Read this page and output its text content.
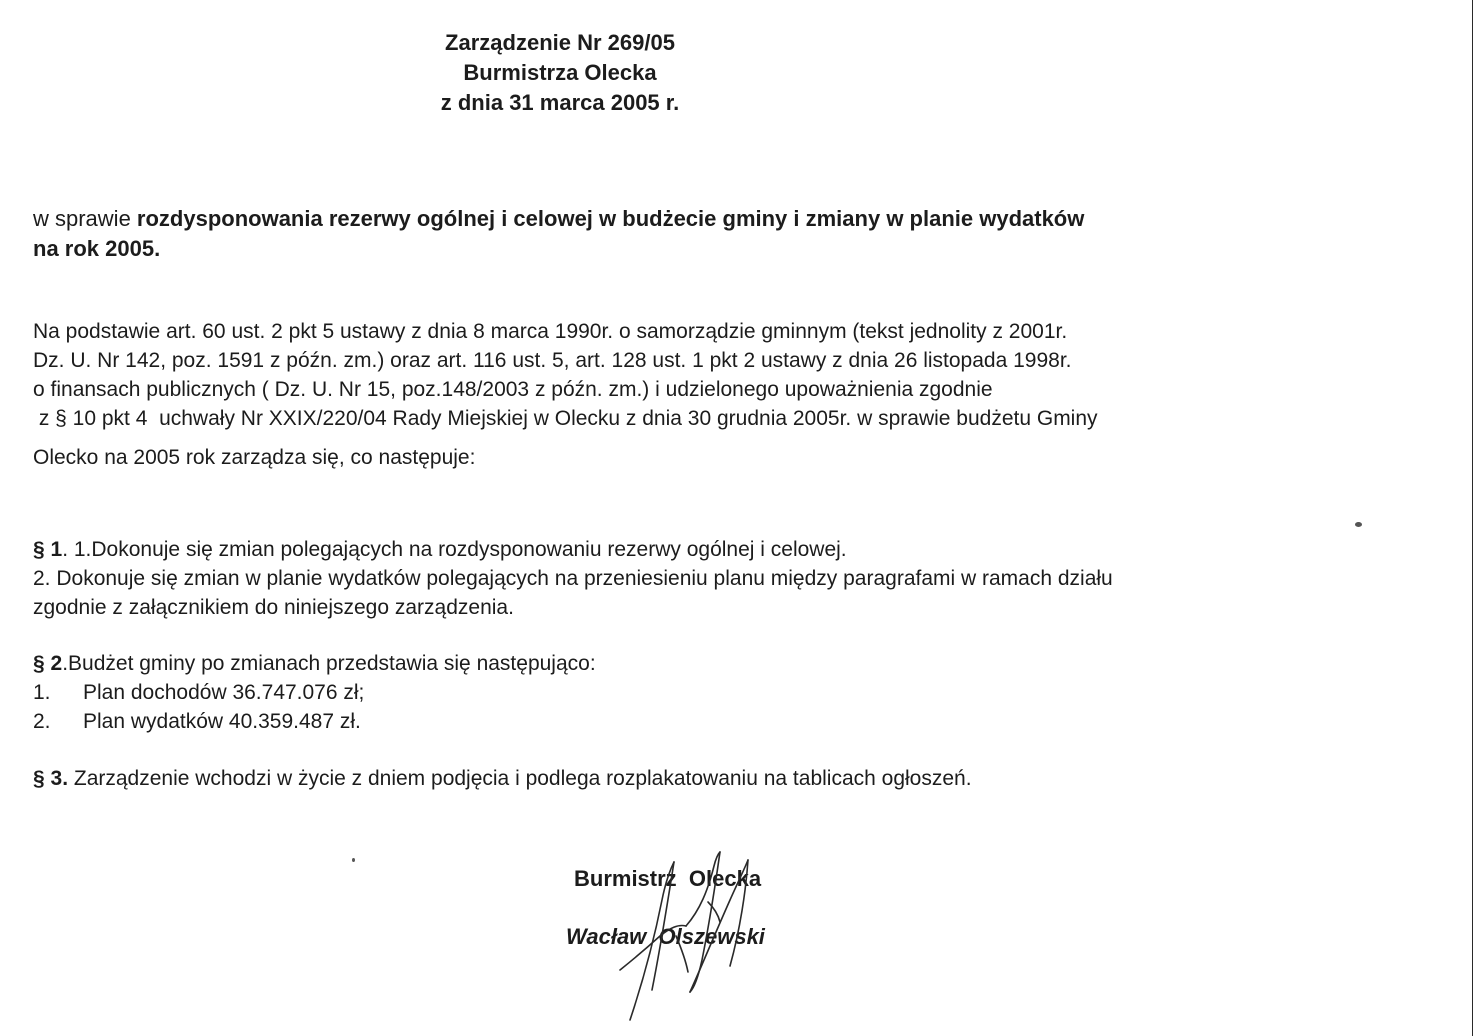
Zarządzenie Nr 269/05
Burmistrza Olecka
z dnia 31 marca 2005 r.
w sprawie rozdysponowania rezerwy ogólnej i celowej w budżecie gminy i zmiany w planie wydatków
na rok 2005.
Na podstawie art. 60 ust. 2 pkt 5 ustawy z dnia 8 marca 1990r. o samorządzie gminnym (tekst jednolity z 2001r.
Dz. U. Nr 142, poz. 1591 z późn. zm.) oraz art. 116 ust. 5, art. 128 ust. 1 pkt 2 ustawy z dnia 26 listopada 1998r.
o finansach publicznych ( Dz. U. Nr 15, poz.148/2003 z późn. zm.) i udzielonego upoważnienia zgodnie
z § 10 pkt 4  uchwały Nr XXIX/220/04 Rady Miejskiej w Olecku z dnia 30 grudnia 2005r. w sprawie budżetu Gminy
Olecko na 2005 rok zarządza się, co następuje:
§ 1. 1.Dokonuje się zmian polegających na rozdysponowaniu rezerwy ogólnej i celowej.
2. Dokonuje się zmian w planie wydatków polegających na przeniesieniu planu między paragrafami w ramach działu
zgodnie z załącznikiem do niniejszego zarządzenia.
§ 2.Budżet gminy po zmianach przedstawia się następująco:
1. Plan dochodów 36.747.076 zł;
2. Plan wydatków 40.359.487 zł.
§ 3. Zarządzenie wchodzi w życie z dniem podjęcia i podlega rozplakatowaniu na tablicach ogłoszeń.
Burmistrz  Olecka
Wacław  Olszewski
